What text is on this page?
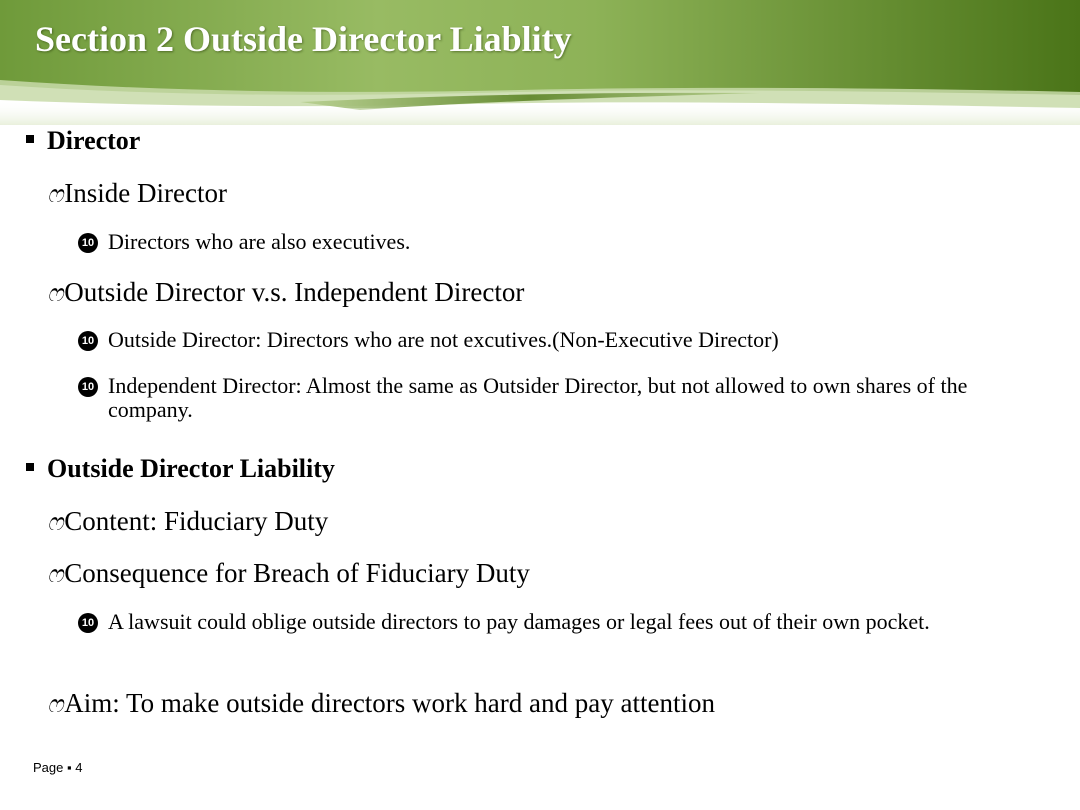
Section 2 Outside Director Liablity
Director
ෆ Inside Director
10 Directors who are also executives.
ෆ Outside Director v.s. Independent Director
10 Outside Director: Directors who are not excutives.(Non-Executive Director)
10 Independent Director: Almost the same as Outsider Director, but not allowed to own shares of the company.
Outside Director Liability
ෆ Content: Fiduciary Duty
ෆ Consequence for Breach of Fiduciary Duty
10 A lawsuit could oblige outside directors to pay damages or legal fees out of their own pocket.
ෆ Aim: To make outside directors work hard and pay attention
Page ▪ 4
